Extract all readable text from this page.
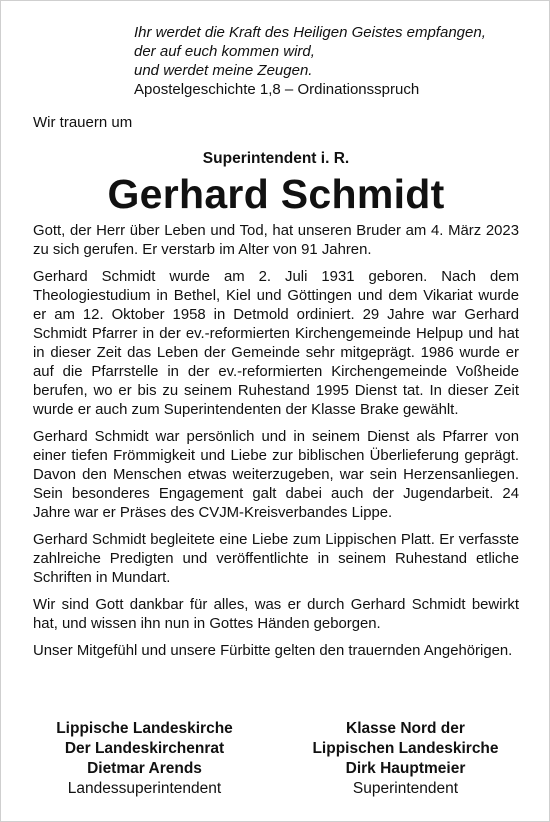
Ihr werdet die Kraft des Heiligen Geistes empfangen,
der auf euch kommen wird,
und werdet meine Zeugen.
Apostelgeschichte 1,8 – Ordinationsspruch
Wir trauern um
Superintendent i. R.
Gerhard Schmidt

Gott, der Herr über Leben und Tod, hat unseren Bruder am 4. März 2023 zu sich gerufen. Er verstarb im Alter von 91 Jahren.

Gerhard Schmidt wurde am 2. Juli 1931 geboren. Nach dem Theologiestudium in Bethel, Kiel und Göttingen und dem Vikariat wurde er am 12. Oktober 1958 in Detmold ordiniert. 29 Jahre war Gerhard Schmidt Pfarrer in der ev.-reformierten Kirchengemeinde Helpup und hat in dieser Zeit das Leben der Gemeinde sehr mitgeprägt. 1986 wurde er auf die Pfarrstelle in der ev.-reformierten Kirchengemeinde Voßheide berufen, wo er bis zu seinem Ruhestand 1995 Dienst tat. In dieser Zeit wurde er auch zum Superintendenten der Klasse Brake gewählt.

Gerhard Schmidt war persönlich und in seinem Dienst als Pfarrer von einer tiefen Frömmigkeit und Liebe zur biblischen Überlieferung geprägt. Davon den Menschen etwas weiterzugeben, war sein Herzensanliegen. Sein besonderes Engagement galt dabei auch der Jugendarbeit. 24 Jahre war er Präses des CVJM-Kreisverbandes Lippe.

Gerhard Schmidt begleitete eine Liebe zum Lippischen Platt. Er verfasste zahlreiche Predigten und veröffentlichte in seinem Ruhestand etliche Schriften in Mundart.

Wir sind Gott dankbar für alles, was er durch Gerhard Schmidt bewirkt hat, und wissen ihn nun in Gottes Händen geborgen.

Unser Mitgefühl und unsere Fürbitte gelten den trauernden Angehörigen.

Lippische Landeskirche
Der Landeskirchenrat
Dietmar Arends
Landessuperintendent
Klasse Nord der
Lippischen Landeskirche
Dirk Hauptmeier
Superintendent
